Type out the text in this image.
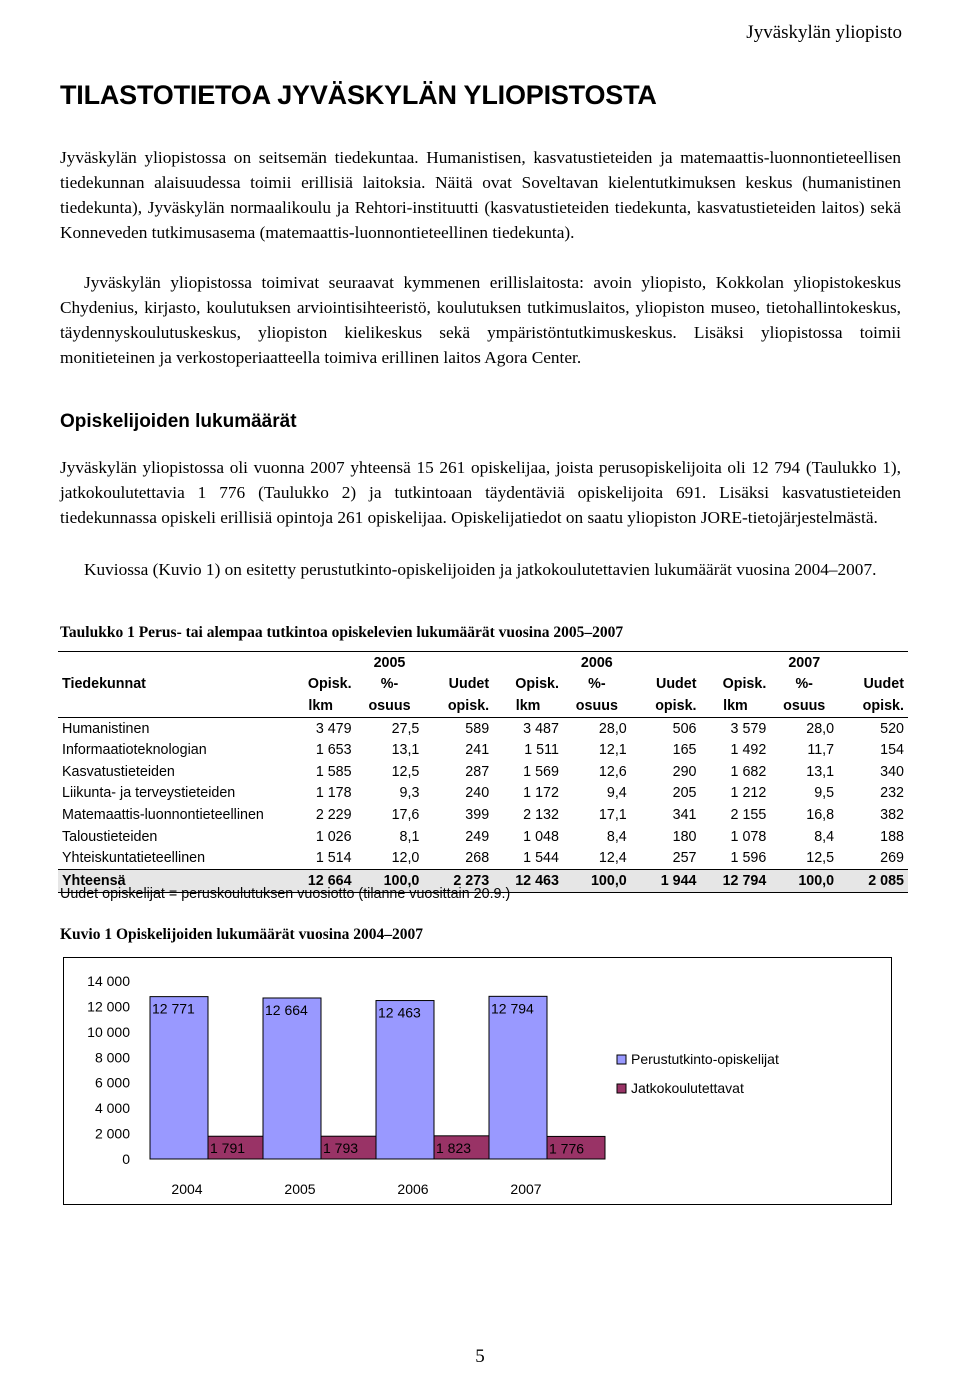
Jyväskylän yliopisto
TILASTOTIETOA JYVÄSKYLÄN YLIOPISTOSTA

Jyväskylän yliopistossa on seitsemän tiedekuntaa. Humanistisen, kasvatustieteiden ja matemaattis-luonnontieteellisen tiedekunnan alaisuudessa toimii erillisiä laitoksia. Näitä ovat Soveltavan kielentutkimuksen keskus (humanistinen tiedekunta), Jyväskylän normaalikoulu ja Rehtori-instituutti (kasvatustieteiden tiedekunta, kasvatustieteiden laitos) sekä Konneveden tutkimusasema (matemaattis-luonnontieteellinen tiedekunta).

Jyväskylän yliopistossa toimivat seuraavat kymmenen erillislaitosta: avoin yliopisto, Kokkolan yliopistokeskus Chydenius, kirjasto, koulutuksen arviointisihteeristö, koulutuksen tutkimuslaitos, yliopiston museo, tietohallintokeskus, täydennyskoulutuskeskus, yliopiston kielikeskus sekä ympäristöntutkimuskeskus. Lisäksi yliopistossa toimii monitieteinen ja verkostoperiaatteella toimiva erillinen laitos Agora Center.

Opiskelijoiden lukumäärät

Jyväskylän yliopistossa oli vuonna 2007 yhteensä 15 261 opiskelijaa, joista perusopiskelijoita oli 12 794 (Taulukko 1), jatkokoulutettavia 1 776 (Taulukko 2) ja tutkintoaan täydentäviä opiskelijoita 691. Lisäksi kasvatustieteiden tiedekunnassa opiskeli erillisiä opintoja 261 opiskelijaa. Opiskelijatiedot on saatu yliopiston JORE-tietojärjestelmästä.

Kuviossa (Kuvio 1) on esitetty perustutkinto-opiskelijoiden ja jatkokoulutettavien lukumäärät vuosina 2004–2007.

Taulukko 1 Perus- tai alempaa tutkintoa opiskelevien lukumäärät vuosina 2005–2007

	2005			2006			2007		
Tiedekunnat	Opisk.	%-	Uudet	Opisk.	%-	Uudet	Opisk.	%-	Uudet
	lkm	osuus	opisk.	lkm	osuus	opisk.	lkm	osuus	opisk.
Humanistinen	3 479	27,5	589	3 487	28,0	506	3 579	28,0	520
Informaatioteknologian	1 653	13,1	241	1 511	12,1	165	1 492	11,7	154
Kasvatustieteiden	1 585	12,5	287	1 569	12,6	290	1 682	13,1	340
Liikunta- ja terveystieteiden	1 178	9,3	240	1 172	9,4	205	1 212	9,5	232
Matemaattis-luonnontieteellinen	2 229	17,6	399	2 132	17,1	341	2 155	16,8	382
Taloustieteiden	1 026	8,1	249	1 048	8,4	180	1 078	8,4	188
Yhteiskuntatieteellinen	1 514	12,0	268	1 544	12,4	257	1 596	12,5	269
Yhteensä	12 664	100,0	2 273	12 463	100,0	1 944	12 794	100,0	2 085

Uudet opiskelijat = peruskoulutuksen vuosiotto (tilanne vuosittain 20.9.)

Kuvio 1 Opiskelijoiden lukumäärät vuosina 2004–2007

0
2 000
4 000
6 000
8 000
10 000
12 000
14 000
12 771
1 791
2004
12 664
1 793
2005
12 463
1 823
2006
12 794
1 776
2007
Perustutkinto-opiskelijat
Jatkokoulutettavat
5
